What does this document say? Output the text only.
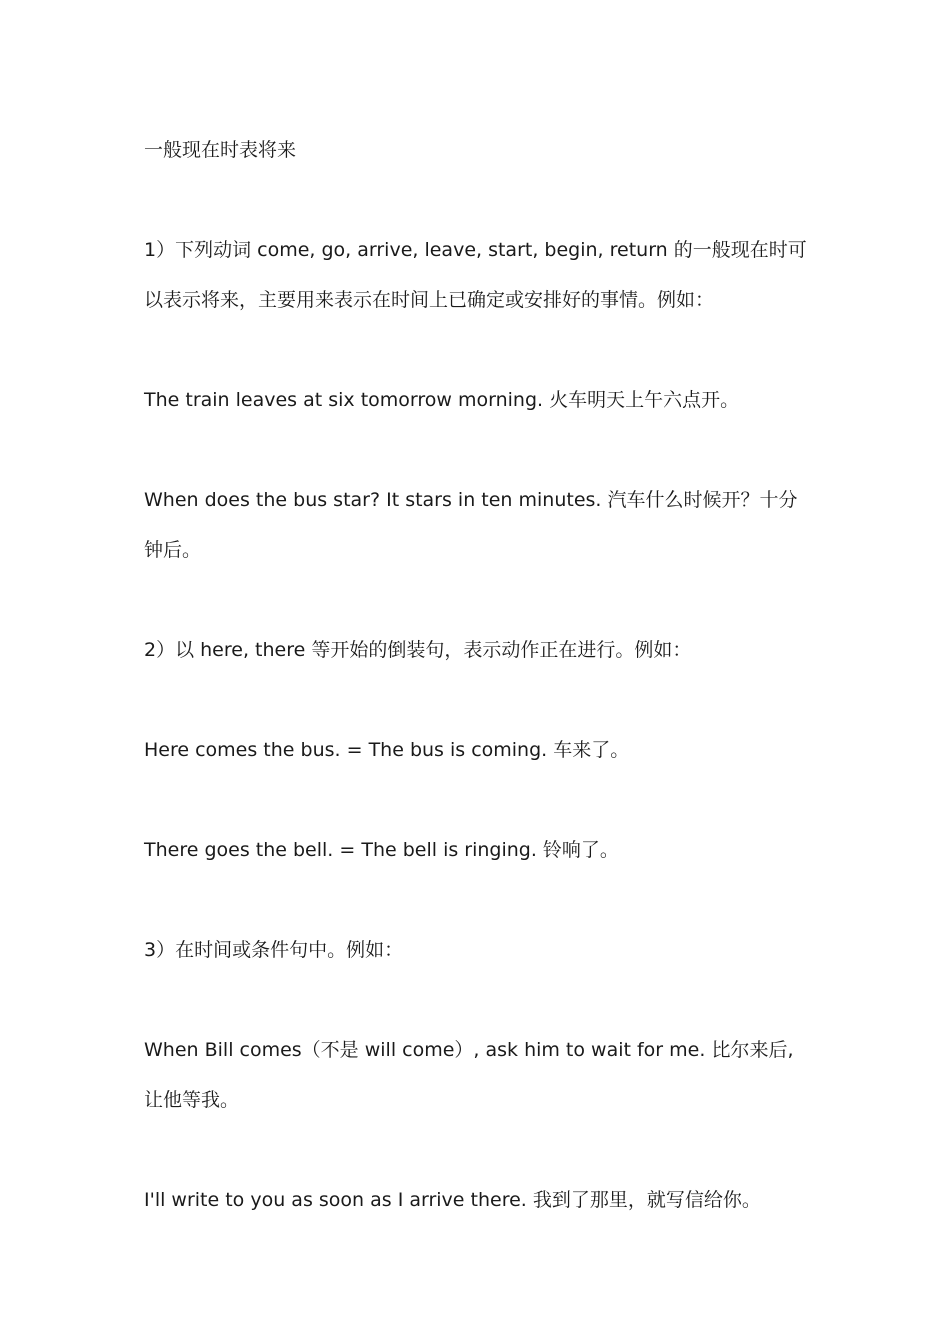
一般现在时表将来

1）下列动词 come, go, arrive, leave, start, begin, return 的一般现在时可以表示将来，主要用来表示在时间上已确定或安排好的事情。例如：

The train leaves at six tomorrow morning. 火车明天上午六点开。

When does the bus star? It stars in ten minutes. 汽车什么时候开？十分钟后。

2）以 here, there 等开始的倒装句，表示动作正在进行。例如：

Here comes the bus. = The bus is coming. 车来了。

There goes the bell. = The bell is ringing. 铃响了。

3）在时间或条件句中。例如：

When Bill comes（不是 will come）, ask him to wait for me. 比尔来后, 让他等我。

I'll write to you as soon as I arrive there. 我到了那里，就写信给你。
